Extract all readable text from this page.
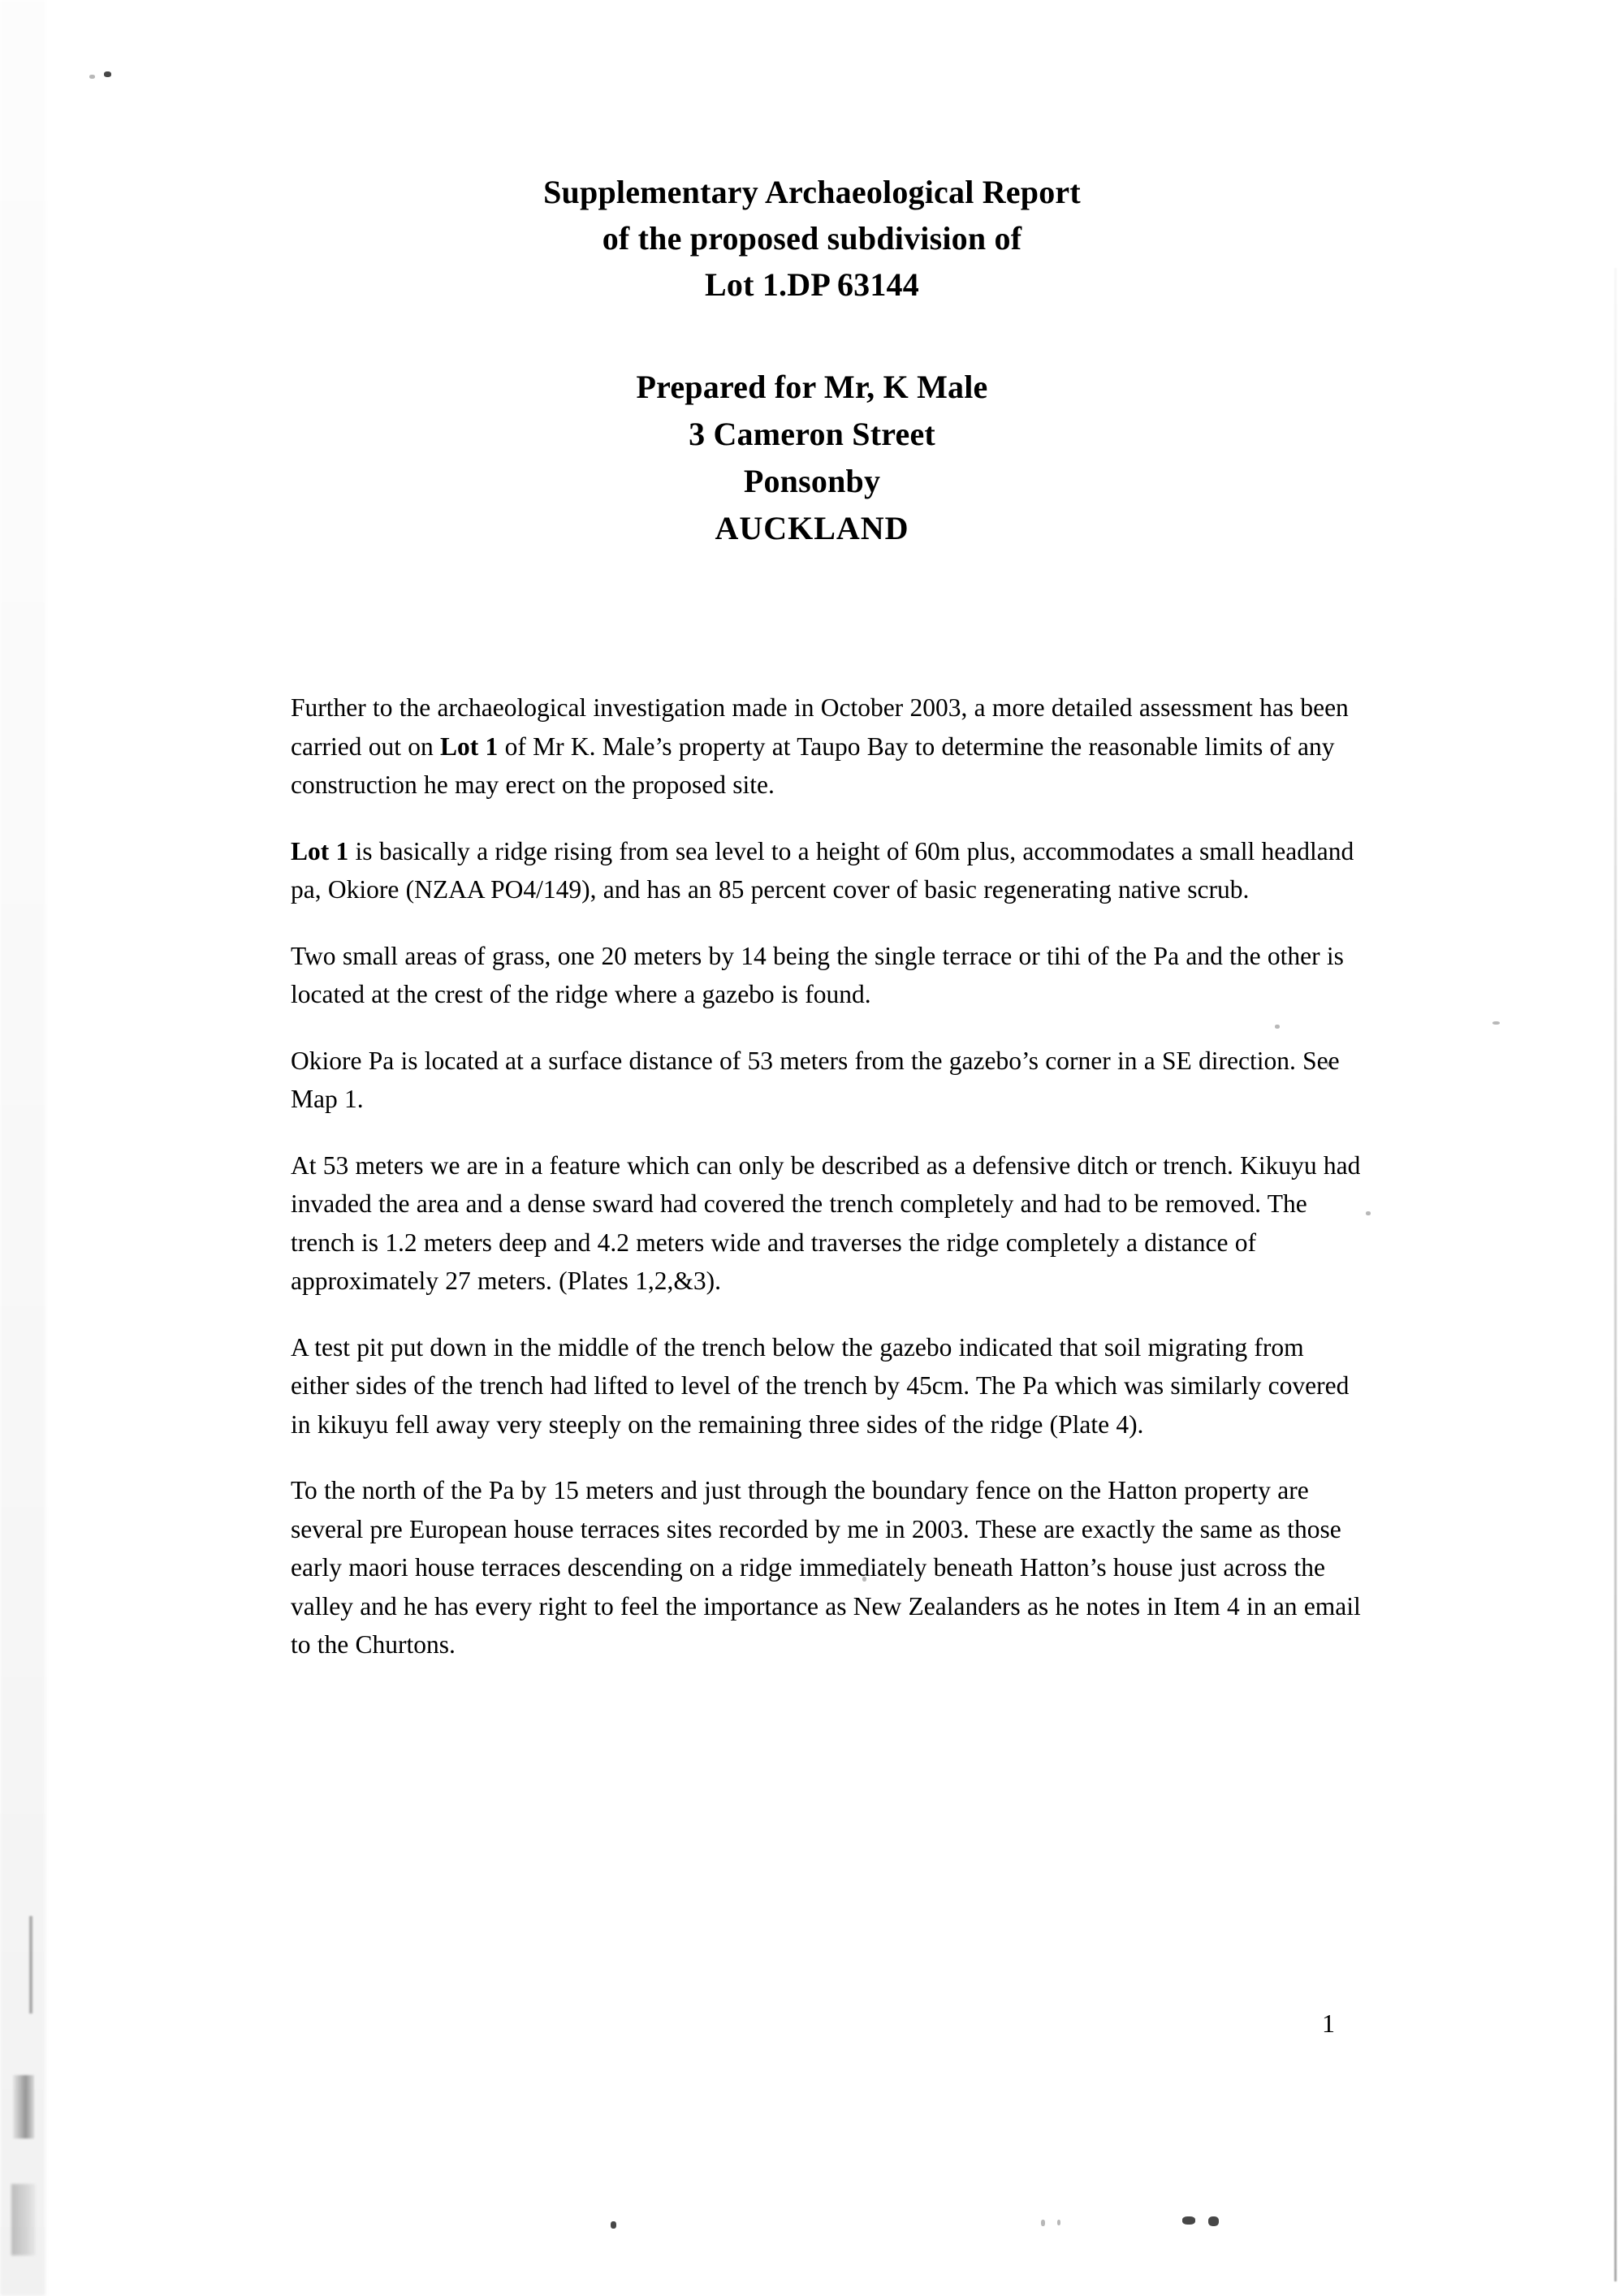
Supplementary Archaeological Report
of the proposed subdivision of
Lot 1.DP 63144
Prepared for Mr, K Male
3 Cameron Street
Ponsonby
AUCKLAND

Further to the archaeological investigation made in October 2003, a more detailed assessment has been carried out on Lot 1 of Mr K. Male’s property at Taupo Bay to determine the reasonable limits of any construction he may erect on the proposed site.

Lot 1 is basically a ridge rising from sea level to a height of 60m plus, accommodates a small headland pa, Okiore (NZAA PO4/149), and has an 85 percent cover of basic regenerating native scrub.

Two small areas of grass, one 20 meters by 14 being the single terrace or tihi of the Pa and the other is located at the crest of the ridge where a gazebo is found.

Okiore Pa is located at a surface distance of 53 meters from the gazebo’s corner in a SE direction. See Map 1.

At 53 meters we are in a feature which can only be described as a defensive ditch or trench. Kikuyu had invaded the area and a dense sward had covered the trench completely and had to be removed. The trench is 1.2 meters deep and 4.2 meters wide and traverses the ridge completely a distance of approximately 27 meters. (Plates 1,2,&3).

A test pit put down in the middle of the trench below the gazebo indicated that soil migrating from either sides of the trench had lifted to level of the trench by 45cm. The Pa which was similarly covered in kikuyu fell away very steeply on the remaining three sides of the ridge (Plate 4).

To the north of the Pa by 15 meters and just through the boundary fence on the Hatton property are several pre European house terraces sites recorded by me in 2003. These are exactly the same as those early maori house terraces descending on a ridge immediately beneath Hatton’s house just across the valley and he has every right to feel the importance as New Zealanders as he notes in Item 4 in an email to the Churtons.

1
